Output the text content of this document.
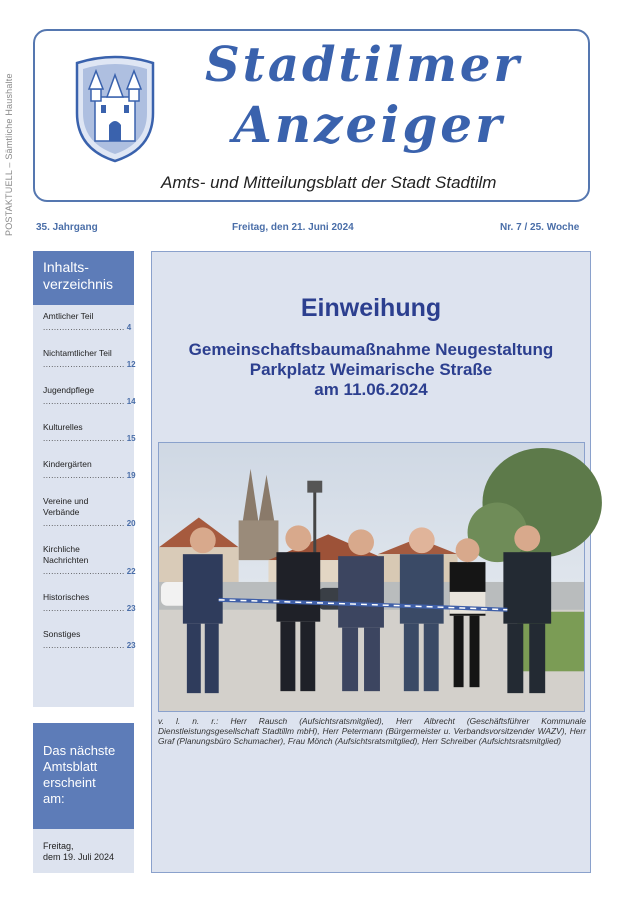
POSTAKTUELL – Sämtliche Haushalte
Stadtilmer
Anzeiger
Amts- und Mitteilungsblatt der Stadt Stadtilm
35. Jahrgang	Freitag, den 21. Juni 2024	Nr. 7 / 25. Woche
Inhalts-
verzeichnis
Amtlicher Teil
.............................. 4
Nichtamtlicher Teil
.............................. 12
Jugendpflege
.............................. 14
Kulturelles
.............................. 15
Kindergärten
.............................. 19
Vereine und Verbände
.............................. 20
Kirchliche Nachrichten
.............................. 22
Historisches
.............................. 23
Sonstiges
.............................. 23
Das nächste
Amtsblatt
erscheint
am:
Freitag,
dem 19. Juli 2024
Einweihung
Gemeinschaftsbaumaßnahme Neugestaltung
Parkplatz Weimarische Straße
am 11.06.2024
v. l. n. r.: Herr Rausch (Aufsichtsratsmitglied), Herr Albrecht (Geschäftsführer Kommunale Dienstleistungsgesellschaft Stadtillm mbH), Herr Petermann (Bürgermeister u. Verbandsvorsitzender WAZV), Herr Graf (Planungsbüro Schumacher), Frau Mönch (Aufsichtsratsmitglied), Herr Schreiber (Aufsichtsratsmitglied)
